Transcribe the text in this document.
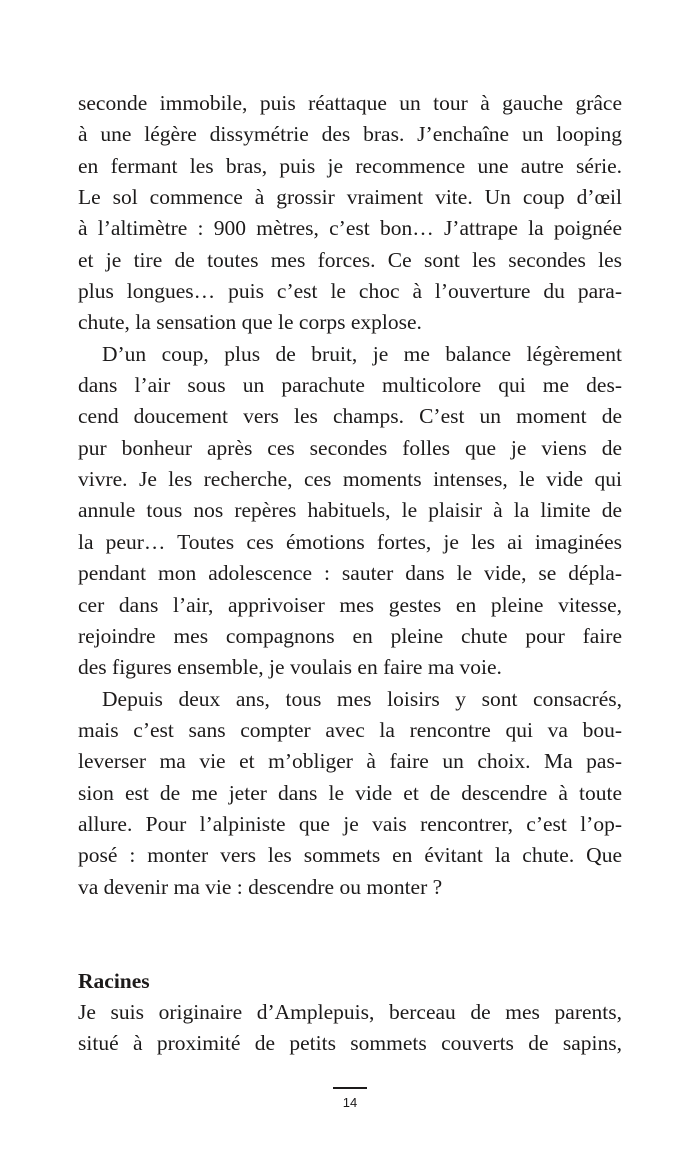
seconde immobile, puis réattaque un tour à gauche grâce
à une légère dissymétrie des bras. J’enchaîne un looping
en fermant les bras, puis je recommence une autre série.
Le sol commence à grossir vraiment vite. Un coup d’œil
à l’altimètre : 900 mètres, c’est bon… J’attrape la poignée
et je tire de toutes mes forces. Ce sont les secondes les
plus longues… puis c’est le choc à l’ouverture du para-
chute, la sensation que le corps explose.
D’un coup, plus de bruit, je me balance légèrement
dans l’air sous un parachute multicolore qui me des-
cend doucement vers les champs. C’est un moment de
pur bonheur après ces secondes folles que je viens de
vivre. Je les recherche, ces moments intenses, le vide qui
annule tous nos repères habituels, le plaisir à la limite de
la peur… Toutes ces émotions fortes, je les ai imaginées
pendant mon adolescence : sauter dans le vide, se dépla-
cer dans l’air, apprivoiser mes gestes en pleine vitesse,
rejoindre mes compagnons en pleine chute pour faire
des figures ensemble, je voulais en faire ma voie.
Depuis deux ans, tous mes loisirs y sont consacrés,
mais c’est sans compter avec la rencontre qui va bou-
leverser ma vie et m’obliger à faire un choix. Ma pas-
sion est de me jeter dans le vide et de descendre à toute
allure. Pour l’alpiniste que je vais rencontrer, c’est l’op-
posé : monter vers les sommets en évitant la chute. Que
va devenir ma vie : descendre ou monter ?
Racines
Je suis originaire d’Amplepuis, berceau de mes parents,
situé à proximité de petits sommets couverts de sapins,
14
